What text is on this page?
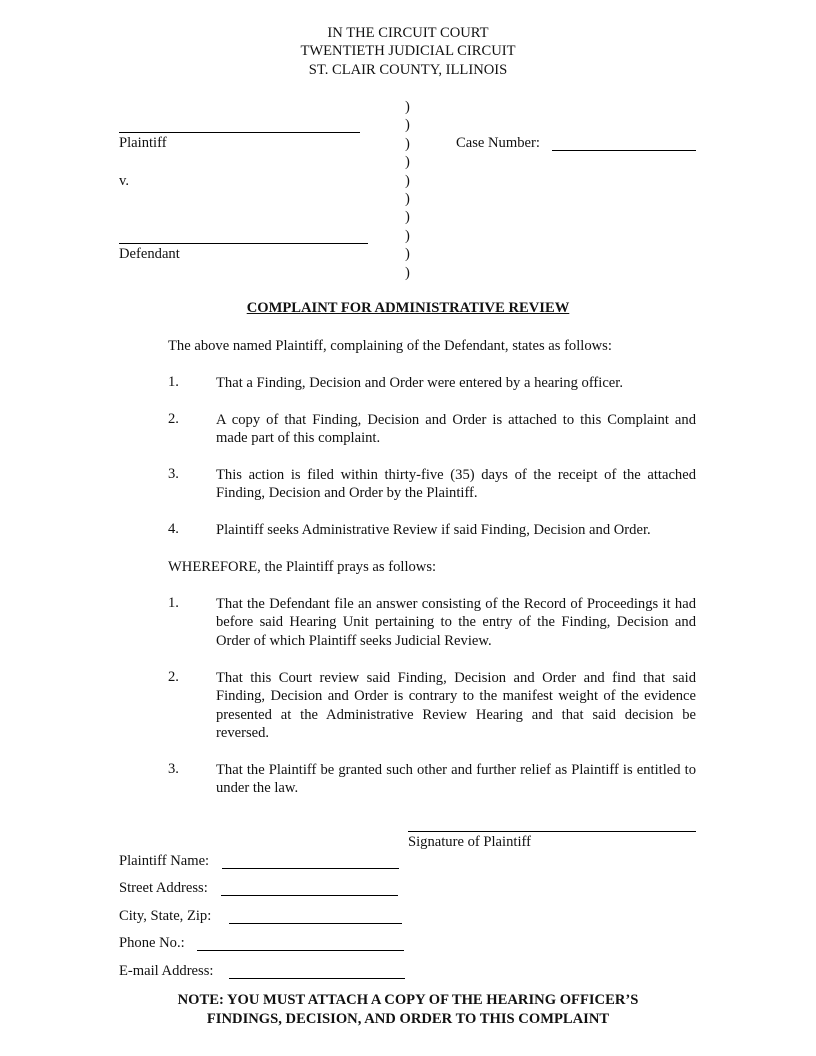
IN THE CIRCUIT COURT
TWENTIETH JUDICIAL CIRCUIT
ST. CLAIR COUNTY, ILLINOIS
Plaintiff
v.
Defendant
)
)
)
)
)
)
)
)
)
)
Case Number:
COMPLAINT FOR ADMINISTRATIVE REVIEW
The above named Plaintiff, complaining of the Defendant, states as follows:
1.	That a Finding, Decision and Order were entered by a hearing officer.
2.	A copy of that Finding, Decision and Order is attached to this Complaint and made part of this complaint.
3.	This action is filed within thirty-five (35) days of the receipt of the attached Finding, Decision and Order by the Plaintiff.
4.	Plaintiff seeks Administrative Review if said Finding, Decision and Order.
WHEREFORE, the Plaintiff prays as follows:
1.	That the Defendant file an answer consisting of the Record of Proceedings it had before said Hearing Unit pertaining to the entry of the Finding, Decision and Order of which Plaintiff seeks Judicial Review.
2.	That this Court review said Finding, Decision and Order and find that said Finding, Decision and Order is contrary to the manifest weight of the evidence presented at the Administrative Review Hearing and that said decision be reversed.
3.	That the Plaintiff be granted such other and further relief as Plaintiff is entitled to under the law.
Signature of Plaintiff
Plaintiff Name:
Street Address:
City, State, Zip:
Phone No.:
E-mail Address:
NOTE: YOU MUST ATTACH A COPY OF THE HEARING OFFICER’S
FINDINGS, DECISION, AND ORDER TO THIS COMPLAINT
